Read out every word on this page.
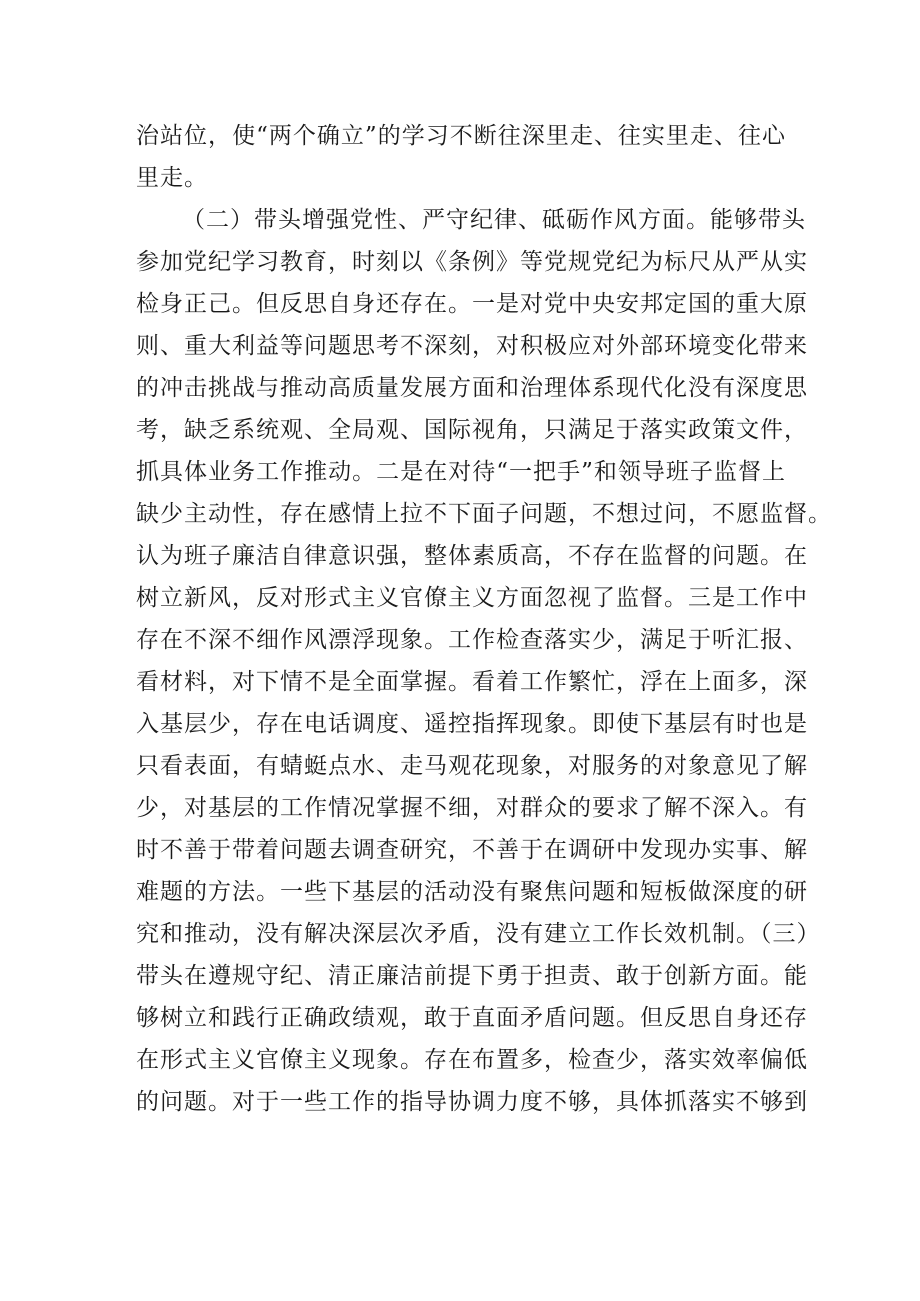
治站位，使“两个确立”的学习不断往深里走、往实里走、往心
里走。
（二）带头增强党性、严守纪律、砥砺作风方面。能够带头
参加党纪学习教育，时刻以《条例》等党规党纪为标尺从严从实
检身正己。但反思自身还存在。一是对党中央安邦定国的重大原
则、重大利益等问题思考不深刻，对积极应对外部环境变化带来
的冲击挑战与推动高质量发展方面和治理体系现代化没有深度思
考，缺乏系统观、全局观、国际视角，只满足于落实政策文件，
抓具体业务工作推动。二是在对待“一把手”和领导班子监督上
缺少主动性，存在感情上拉不下面子问题，不想过问，不愿监督。
认为班子廉洁自律意识强，整体素质高，不存在监督的问题。在
树立新风，反对形式主义官僚主义方面忽视了监督。三是工作中
存在不深不细作风漂浮现象。工作检查落实少，满足于听汇报、
看材料，对下情不是全面掌握。看着工作繁忙，浮在上面多，深
入基层少，存在电话调度、遥控指挥现象。即使下基层有时也是
只看表面，有蜻蜓点水、走马观花现象，对服务的对象意见了解
少，对基层的工作情况掌握不细，对群众的要求了解不深入。有
时不善于带着问题去调查研究，不善于在调研中发现办实事、解
难题的方法。一些下基层的活动没有聚焦问题和短板做深度的研
究和推动，没有解决深层次矛盾，没有建立工作长效机制。（三）
带头在遵规守纪、清正廉洁前提下勇于担责、敢于创新方面。能
够树立和践行正确政绩观，敢于直面矛盾问题。但反思自身还存
在形式主义官僚主义现象。存在布置多，检查少，落实效率偏低
的问题。对于一些工作的指导协调力度不够，具体抓落实不够到
